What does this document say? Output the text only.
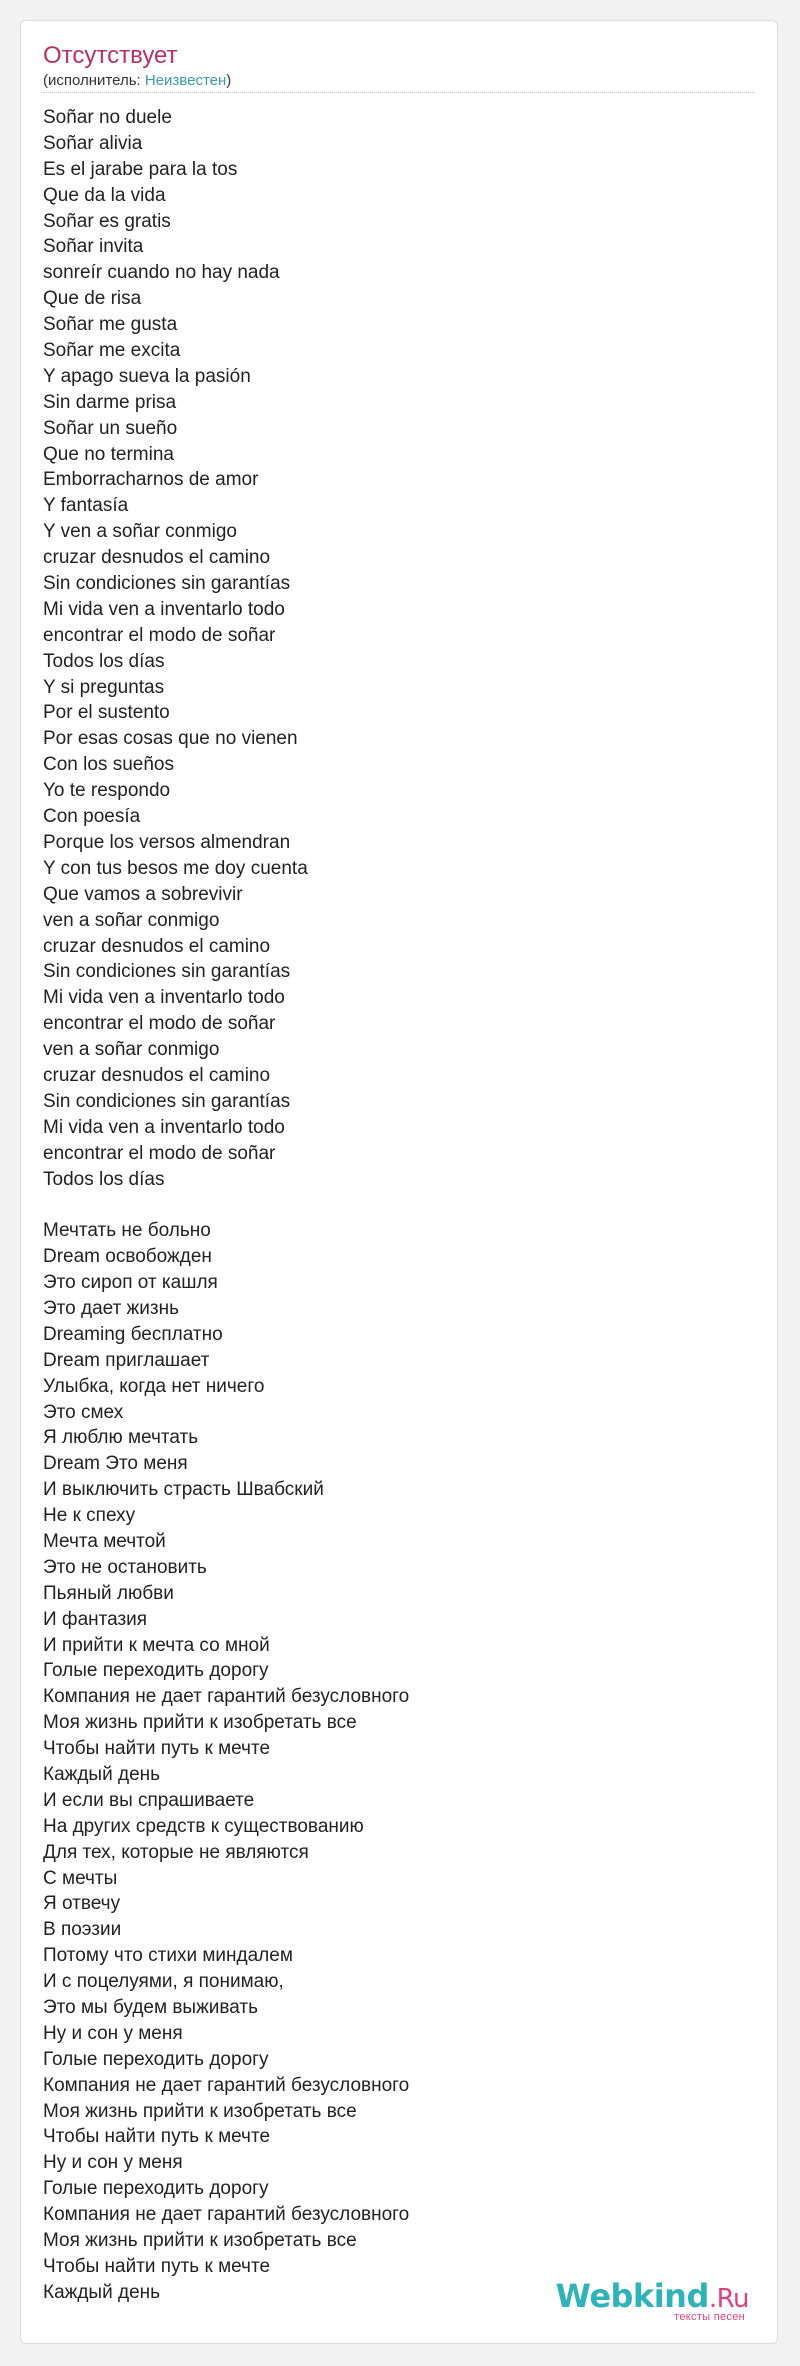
Отсутствует
(исполнитель: Неизвестен)
Soñar no duele
Soñar alivia
Es el jarabe para la tos
Que da la vida
Soñar es gratis
Soñar invita
sonreír cuando no hay nada
Que de risa
Soñar me gusta
Soñar me excita
Y apago sueva la pasión
Sin darme prisa
Soñar un sueño
Que no termina
Emborracharnos de amor
Y fantasía
Y ven a soñar conmigo
cruzar desnudos el camino
Sin condiciones sin garantías
Mi vida ven a inventarlo todo
encontrar el modo de soñar
Todos los días
Y si preguntas
Por el sustento
Por esas cosas que no vienen
Con los sueños
Yo te respondo
Con poesía
Porque los versos almendran
Y con tus besos me doy cuenta
Que vamos a sobrevivir
ven a soñar conmigo
cruzar desnudos el camino
Sin condiciones sin garantías
Mi vida ven a inventarlo todo
encontrar el modo de soñar
ven a soñar conmigo
cruzar desnudos el camino
Sin condiciones sin garantías
Mi vida ven a inventarlo todo
encontrar el modo de soñar
Todos los días
Мечтать не больно
Dream освобожден
Это сироп от кашля
Это дает жизнь
Dreaming бесплатно
Dream приглашает
Улыбка, когда нет ничего
Это смех
Я люблю мечтать
Dream Это меня
И выключить страсть Швабский
Не к спеху
Мечта мечтой
Это не остановить
Пьяный любви
И фантазия
И прийти к мечта со мной
Голые переходить дорогу
Компания не дает гарантий безусловного
Моя жизнь прийти к изобретать все
Чтобы найти путь к мечте
Каждый день
И если вы спрашиваете
На других средств к существованию
Для тех, которые не являются
С мечты
Я отвечу
В поэзии
Потому что стихи миндалем
И с поцелуями, я понимаю,
Это мы будем выживать
Ну и сон у меня
Голые переходить дорогу
Компания не дает гарантий безусловного
Моя жизнь прийти к изобретать все
Чтобы найти путь к мечте
Ну и сон у меня
Голые переходить дорогу
Компания не дает гарантий безусловного
Моя жизнь прийти к изобретать все
Чтобы найти путь к мечте
Каждый день	Webkind.Ru
тексты песен
